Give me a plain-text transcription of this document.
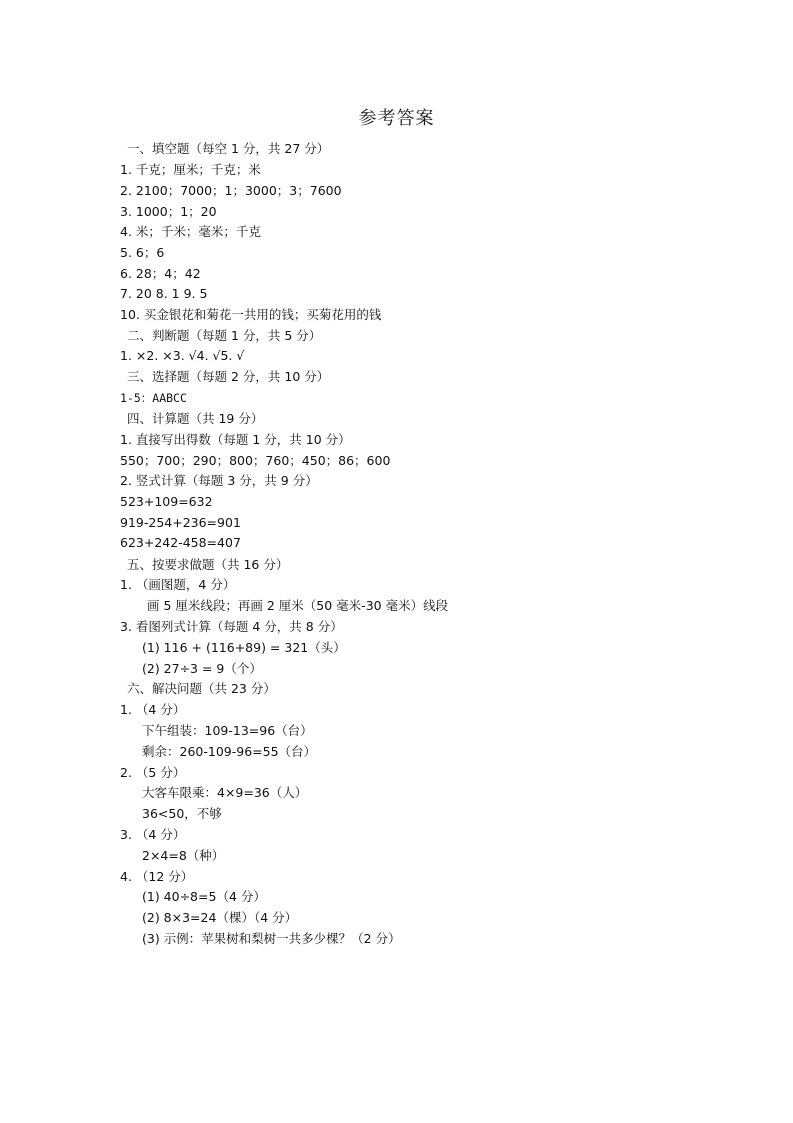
参考答案
一、填空题（每空 1 分，共 27 分）
1. 千克；厘米；千克；米
2. 2100；7000；1；3000；3；7600
3. 1000；1；20
4. 米；千米；毫米；千克
5. 6；6
6. 28；4；42
7. 20 8. 1 9. 5
10. 买金银花和菊花一共用的钱；买菊花用的钱
二、判断题（每题 1 分，共 5 分）
1. ×2. ×3. √4. √5. √
三、选择题（每题 2 分，共 10 分）
1-5：AABCC
四、计算题（共 19 分）
1. 直接写出得数（每题 1 分，共 10 分）
550；700；290；800；760；450；86；600
2. 竖式计算（每题 3 分，共 9 分）
523+109=632
919-254+236=901
623+242-458=407
五、按要求做题（共 16 分）
1. （画图题，4 分）
画 5 厘米线段；再画 2 厘米（50 毫米-30 毫米）线段
3. 看图列式计算（每题 4 分，共 8 分）
(1) 116 + (116+89) = 321（头）
(2) 27÷3 = 9（个）
六、解决问题（共 23 分）
1. （4 分）
下午组装：109-13=96（台）
剩余：260-109-96=55（台）
2. （5 分）
大客车限乘：4×9=36（人）
36<50，不够
3. （4 分）
2×4=8（种）
4. （12 分）
(1) 40÷8=5（4 分）
(2) 8×3=24（棵）（4 分）
(3) 示例：苹果树和梨树一共多少棵？（2 分）
